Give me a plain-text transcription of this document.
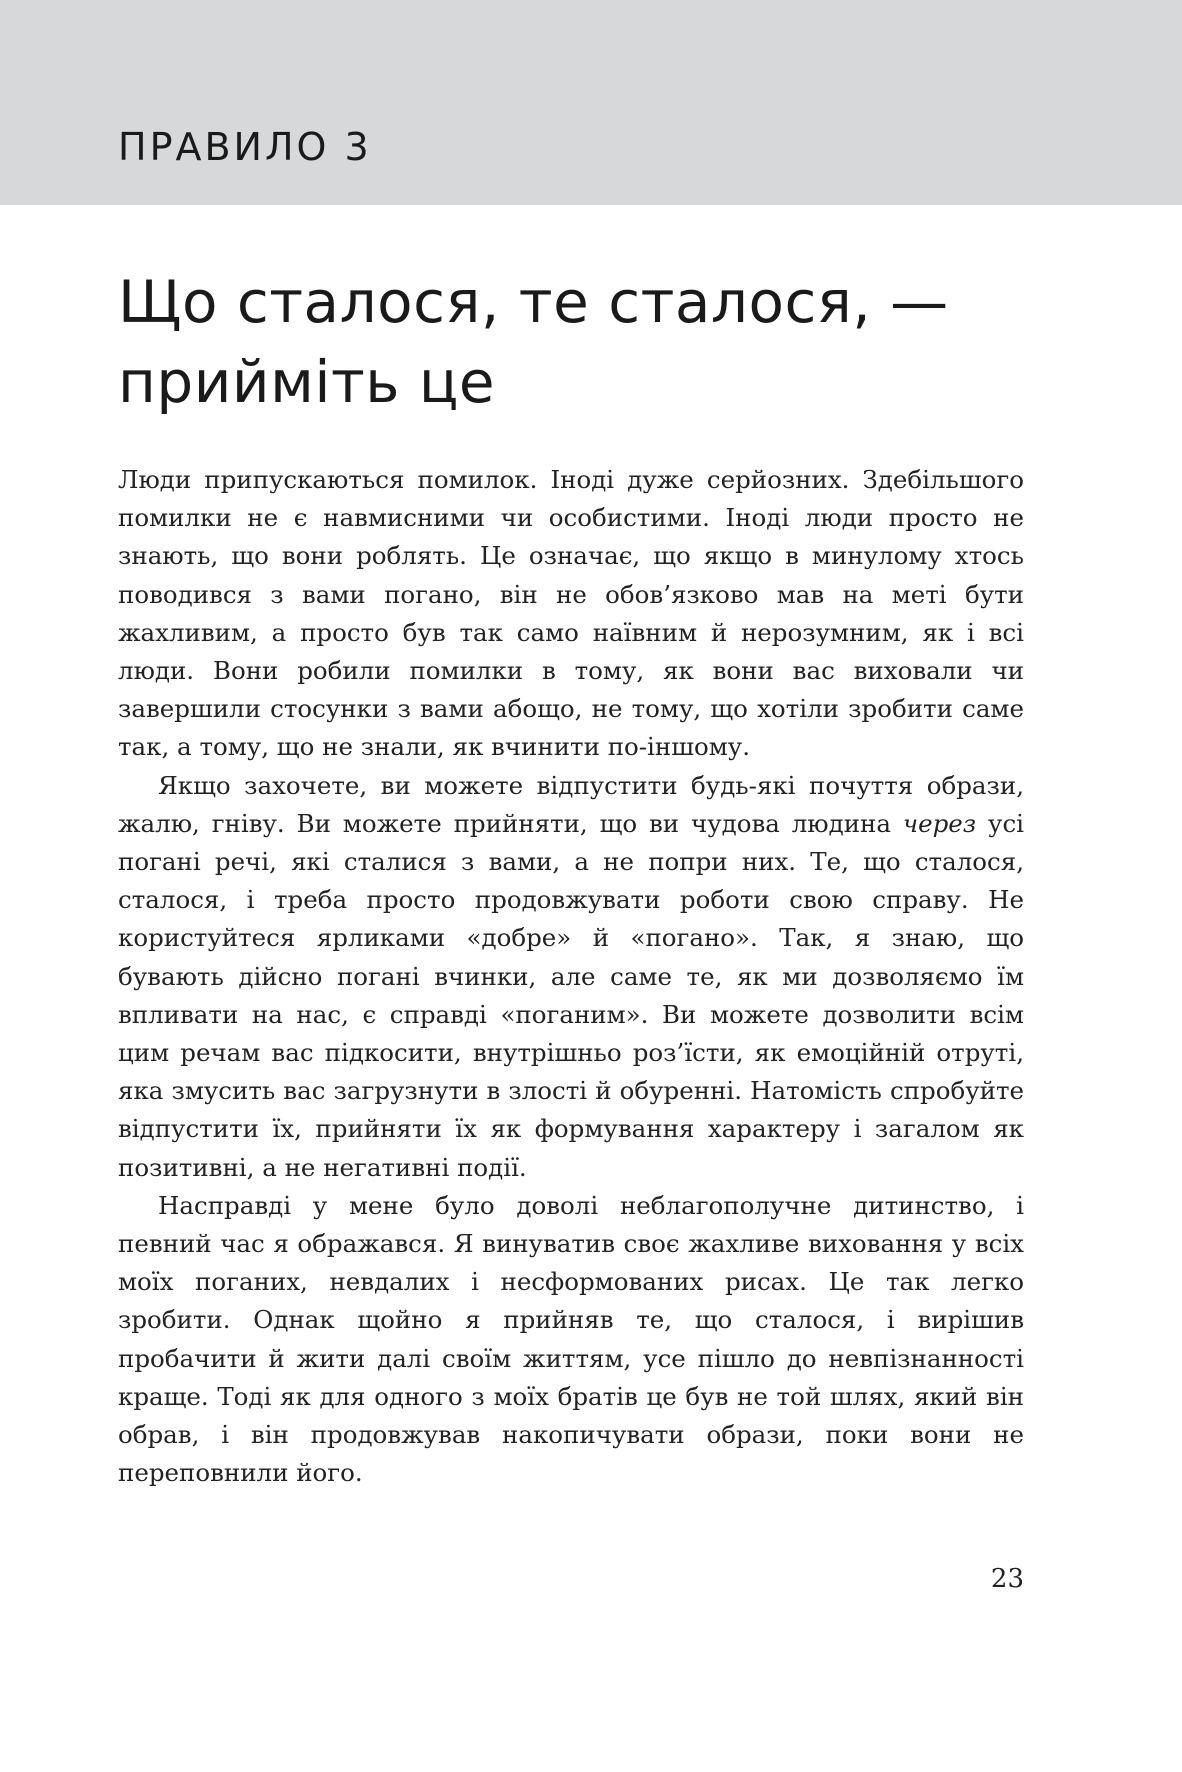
ПРАВИЛО 3
Що сталося, те сталося, —
прийміть це

Люди припускаються помилок. Іноді дуже серйозних. Здебільшого помилки не є навмисними чи особистими. Іноді люди просто не знають, що вони роблять. Це означає, що якщо в минулому хтось поводився з вами погано, він не обов’язково мав на меті бути жахливим, а просто був так само наївним й нерозумним, як і всі люди. Вони робили помилки в тому, як вони вас виховали чи завершили стосунки з вами абощо, не тому, що хотіли зробити саме так, а тому, що не знали, як вчинити по-іншому.

Якщо захочете, ви можете відпустити будь-які почуття образи, жалю, гніву. Ви можете прийняти, що ви чудова людина через усі погані речі, які сталися з вами, а не попри них. Те, що сталося, сталося, і треба просто продовжувати роботи свою справу. Не користуйтеся ярликами «добре» й «погано». Так, я знаю, що бувають дійсно погані вчинки, але саме те, як ми дозволяємо їм впливати на нас, є справді «поганим». Ви можете дозволити всім цим речам вас підкосити, внутрішньо роз’їсти, як емоційній отруті, яка змусить вас загрузнути в злості й обуренні. Натомість спробуйте відпустити їх, прийняти їх як формування характеру і загалом як позитивні, а не негативні події.

Насправді у мене було доволі неблагополучне дитинство, і певний час я ображався. Я винуватив своє жахливе виховання у всіх моїх поганих, невдалих і несформованих рисах. Це так легко зробити. Однак щойно я прийняв те, що сталося, і вирішив пробачити й жити далі своїм життям, усе пішло до невпізнанності краще. Тоді як для одного з моїх братів це був не той шлях, який він обрав, і він продовжував накопичувати образи, поки вони не переповнили його.

23
